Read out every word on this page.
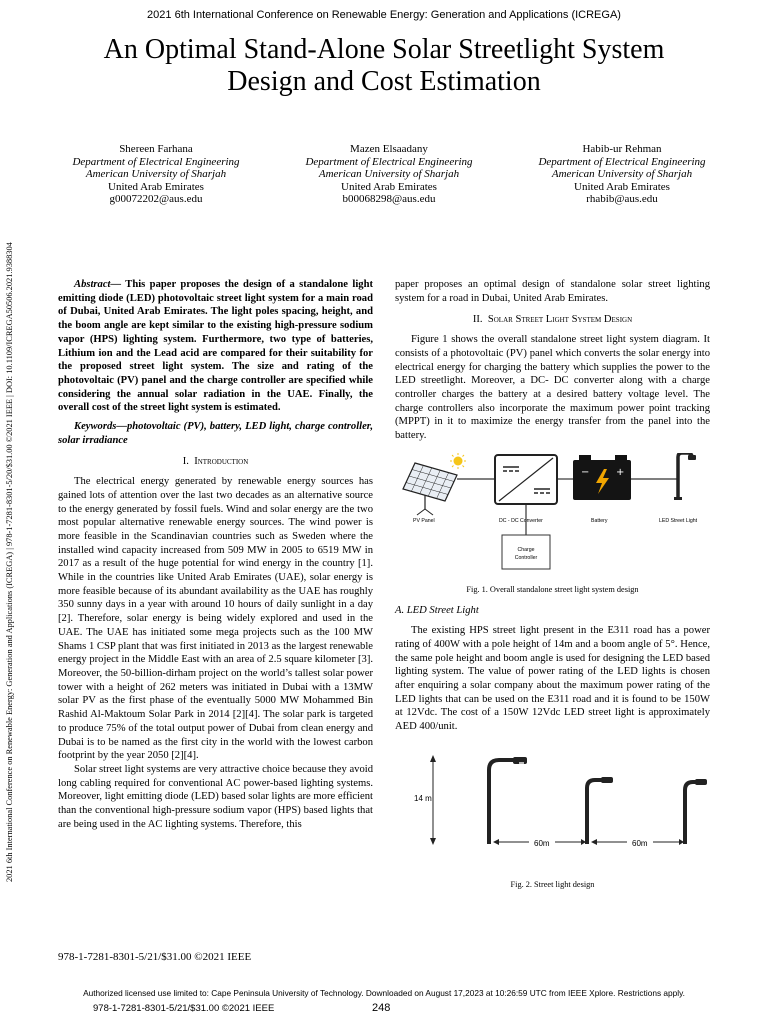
2021 6th International Conference on Renewable Energy: Generation and Applications (ICREGA)
An Optimal Stand-Alone Solar Streetlight System
Design and Cost Estimation
2021 6th International Conference on Renewable Energy: Generation and Applications (ICREGA) | 978-1-7281-8301-5/20/$31.00 ©2021 IEEE | DOI: 10.1109/ICREGA50506.2021.9388304
Shereen Farhana
Department of Electrical Engineering
American University of Sharjah
United Arab Emirates
g00072202@aus.edu
Mazen Elsaadany
Department of Electrical Engineering
American University of Sharjah
United Arab Emirates
b00068298@aus.edu
Habib-ur Rehman
Department of Electrical Engineering
American University of Sharjah
United Arab Emirates
rhabib@aus.edu

Abstract— This paper proposes the design of a standalone light emitting diode (LED) photovoltaic street light system for a main road of Dubai, United Arab Emirates. The light poles spacing, height, and the boom angle are kept similar to the existing high-pressure sodium vapor (HPS) lighting system. Furthermore, two type of batteries, Lithium ion and the Lead acid are compared for their suitability for the proposed street light system. The size and rating of the photovoltaic (PV) panel and the charge controller are specified while considering the annual solar radiation in the UAE. Finally, the overall cost of the street light system is estimated.

Keywords—photovoltaic (PV), battery, LED light, charge controller, solar irradiance

I. Introduction

The electrical energy generated by renewable energy sources has gained lots of attention over the last two decades as an alternative source to the energy generated by fossil fuels. Wind and solar energy are the two most popular alternative renewable energy sources. The wind power is more feasible in the Scandinavian countries such as Sweden where the installed wind capacity increased from 509 MW in 2005 to 6519 MW in 2017 as a result of the huge potential for wind energy in the country [1]. While in the countries like United Arab Emirates (UAE), solar energy is more feasible because of its abundant availability as the UAE has roughly 350 sunny days in a year with around 10 hours of daily sunlight in a day [2]. Therefore, solar energy is being widely explored and used in the UAE. The UAE has initiated some mega projects such as the 100 MW Shams 1 CSP plant that was first initiated in 2013 as the largest renewable energy project in the Middle East with an area of 2.5 square kilometer [3]. Moreover, the 50-billion-dirham project on the world’s tallest solar power tower with a height of 262 meters was initiated in Dubai with a 13MW solar PV as the first phase of the eventually 5000 MW Mohammed Bin Rashid Al-Maktoum Solar Park in 2014 [2][4]. The solar park is targeted to produce 75% of the total output power of Dubai from clean energy and Dubai is to be named as the first city in the world with the lowest carbon footprint by the year 2050 [2][4].

Solar street light systems are very attractive choice because they avoid long cabling required for conventional AC power-based lighting systems. Moreover, light emitting diode (LED) based solar lights are more efficient than the conventional high-pressure sodium vapor (HPS) based lights that are being used in the AC lighting systems. Therefore, this

paper proposes an optimal design of standalone solar street lighting system for a road in Dubai, United Arab Emirates.

II. Solar Street Light System Design

Figure 1 shows the overall standalone street light system diagram. It consists of a photovoltaic (PV) panel which converts the solar energy into electrical energy for charging the battery which supplies the power to the LED streetlight. Moreover, a DC- DC converter along with a charge controller charges the battery at a desired battery voltage level. The charge controllers also incorporate the maximum power point tracking (MPPT) in it to maximize the energy transfer from the panel into the battery.

−	+
PV Panel	DC - DC Converter	Battery	LED Street Light
Charge
Controller

Fig. 1. Overall standalone street light system design

A. LED Street Light

The existing HPS street light present in the E311 road has a power rating of 400W with a pole height of 14m and a boom angle of 5°. Hence, the same pole height and boom angle is used for designing the LED based lighting system. The value of power rating of the LED lights is chosen after enquiring a solar company about the maximum power rating of the LED lights that can be used on the E311 road and it is found to be 150W at 12Vdc. The cost of a 150W 12Vdc LED street light is approximately AED 400/unit.

14 m
60m	60m

Fig. 2. Street light design

978-1-7281-8301-5/21/$31.00 ©2021 IEEE
Authorized licensed use limited to: Cape Peninsula University of Technology. Downloaded on August 17,2023 at 10:26:59 UTC from IEEE Xplore. Restrictions apply.
978-1-7281-8301-5/21/$31.00 ©2021 IEEE	248
